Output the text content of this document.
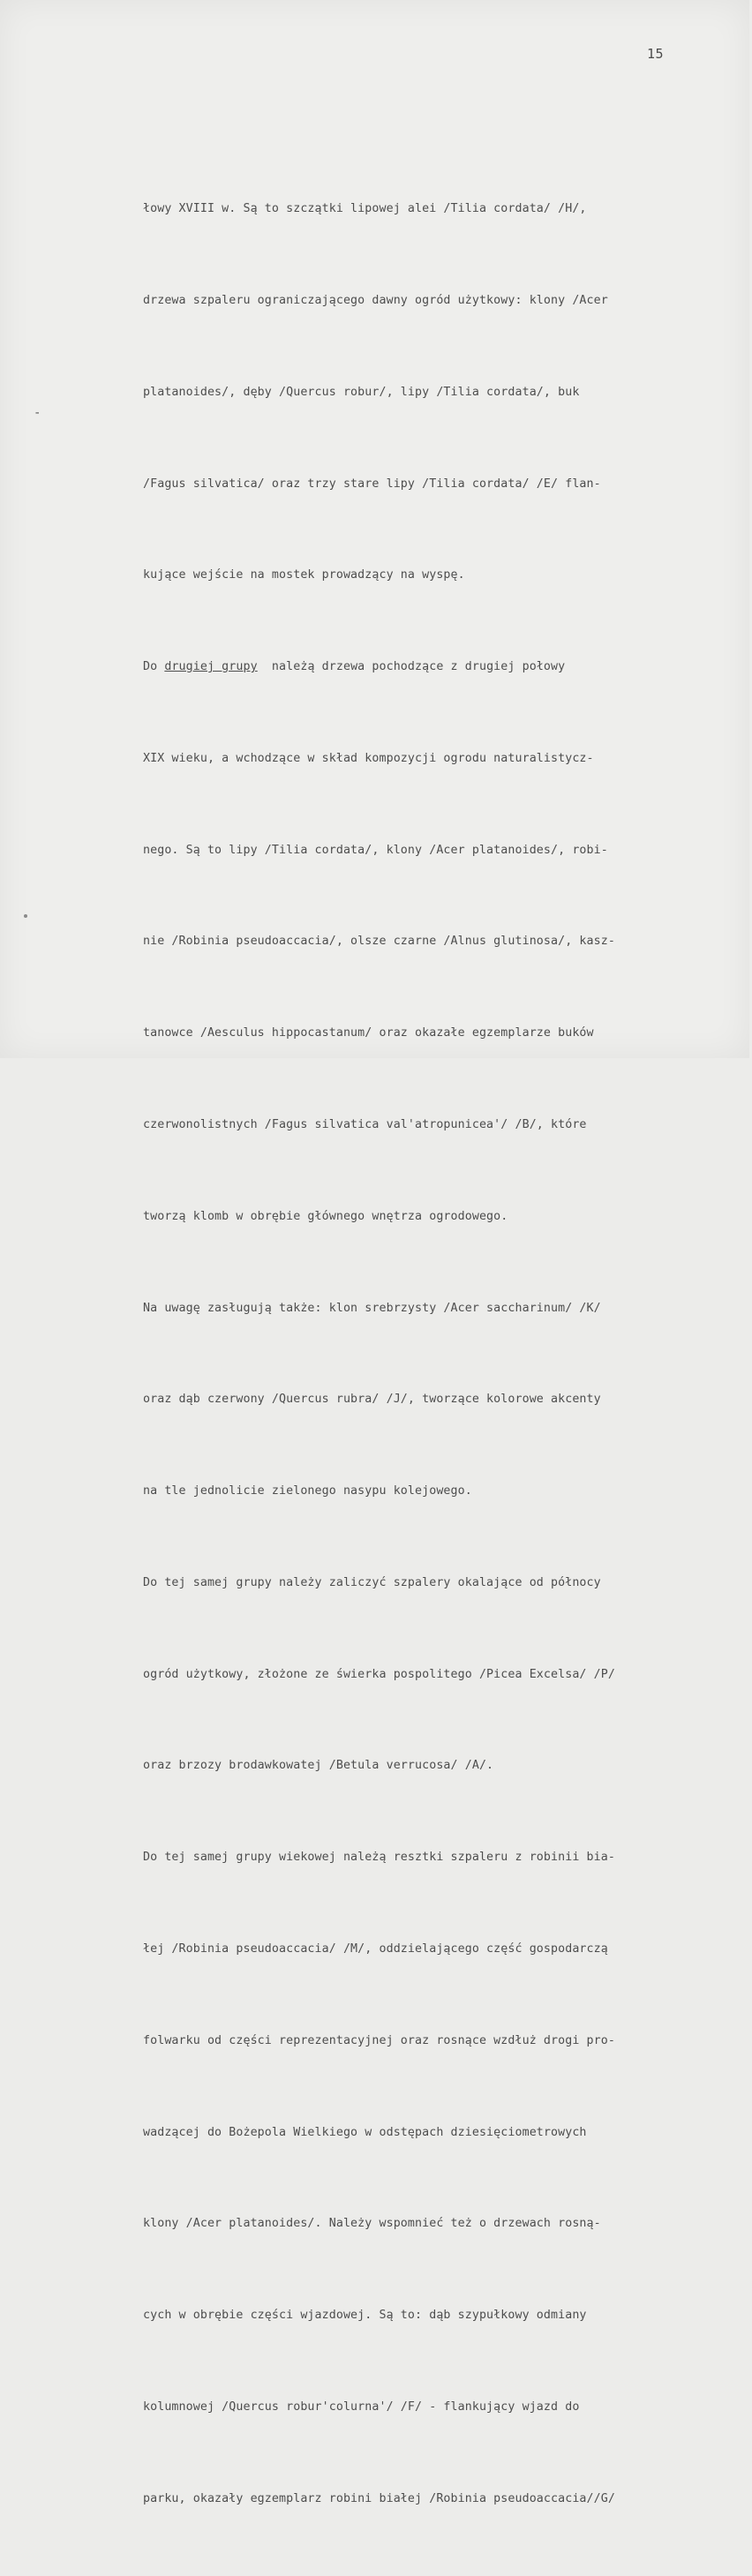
15
-

łowy XVIII w. Są to szczątki lipowej alei /Tilia cordata/ /H/,

drzewa szpaleru ograniczającego dawny ogród użytkowy: klony /Acer

platanoides/, dęby /Quercus robur/, lipy /Tilia cordata/, buk

/Fagus silvatica/ oraz trzy stare lipy /Tilia cordata/ /E/ flan-

kujące wejście na mostek prowadzący na wyspę.

Do drugiej grupy  należą drzewa pochodzące z drugiej połowy

XIX wieku, a wchodzące w skład kompozycji ogrodu naturalistycz-

nego. Są to lipy /Tilia cordata/, klony /Acer platanoides/, robi-

nie /Robinia pseudoaccacia/, olsze czarne /Alnus glutinosa/, kasz-

tanowce /Aesculus hippocastanum/ oraz okazałe egzemplarze buków

czerwonolistnych /Fagus silvatica val'atropunicea'/ /B/, które

tworzą klomb w obrębie głównego wnętrza ogrodowego.

Na uwagę zasługują także: klon srebrzysty /Acer saccharinum/ /K/

oraz dąb czerwony /Quercus rubra/ /J/, tworzące kolorowe akcenty

na tle jednolicie zielonego nasypu kolejowego.

Do tej samej grupy należy zaliczyć szpalery okalające od północy

ogród użytkowy, złożone ze świerka pospolitego /Picea Excelsa/ /P/

oraz brzozy brodawkowatej /Betula verrucosa/ /A/.

Do tej samej grupy wiekowej należą resztki szpaleru z robinii bia-

łej /Robinia pseudoaccacia/ /M/, oddzielającego część gospodarczą

folwarku od części reprezentacyjnej oraz rosnące wzdłuż drogi pro-

wadzącej do Bożepola Wielkiego w odstępach dziesięciometrowych

klony /Acer platanoides/. Należy wspomnieć też o drzewach rosną-

cych w obrębie części wjazdowej. Są to: dąb szypułkowy odmiany

kolumnowej /Quercus robur'colurna'/ /F/ - flankujący wjazd do

parku, okazały egzemplarz robini białej /Robinia pseudoaccacia//G/
